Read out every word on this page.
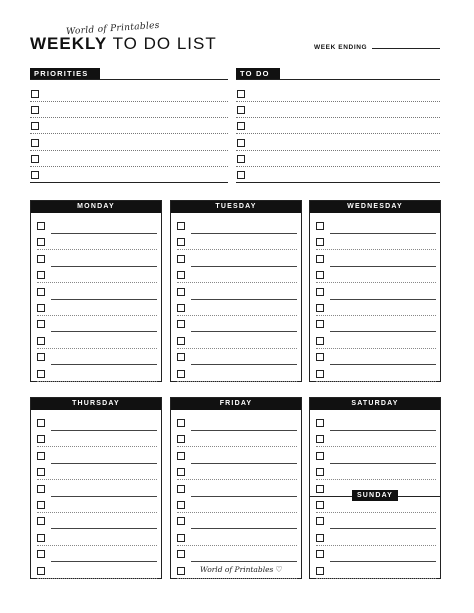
World of Printables
WEEKLY TO DO LIST	WEEK ENDING
PRIORITIES	TO DO
MONDAY	TUESDAY	WEDNESDAY
THURSDAY	FRIDAY	SATURDAY
SUNDAY
World of Printables ♡
